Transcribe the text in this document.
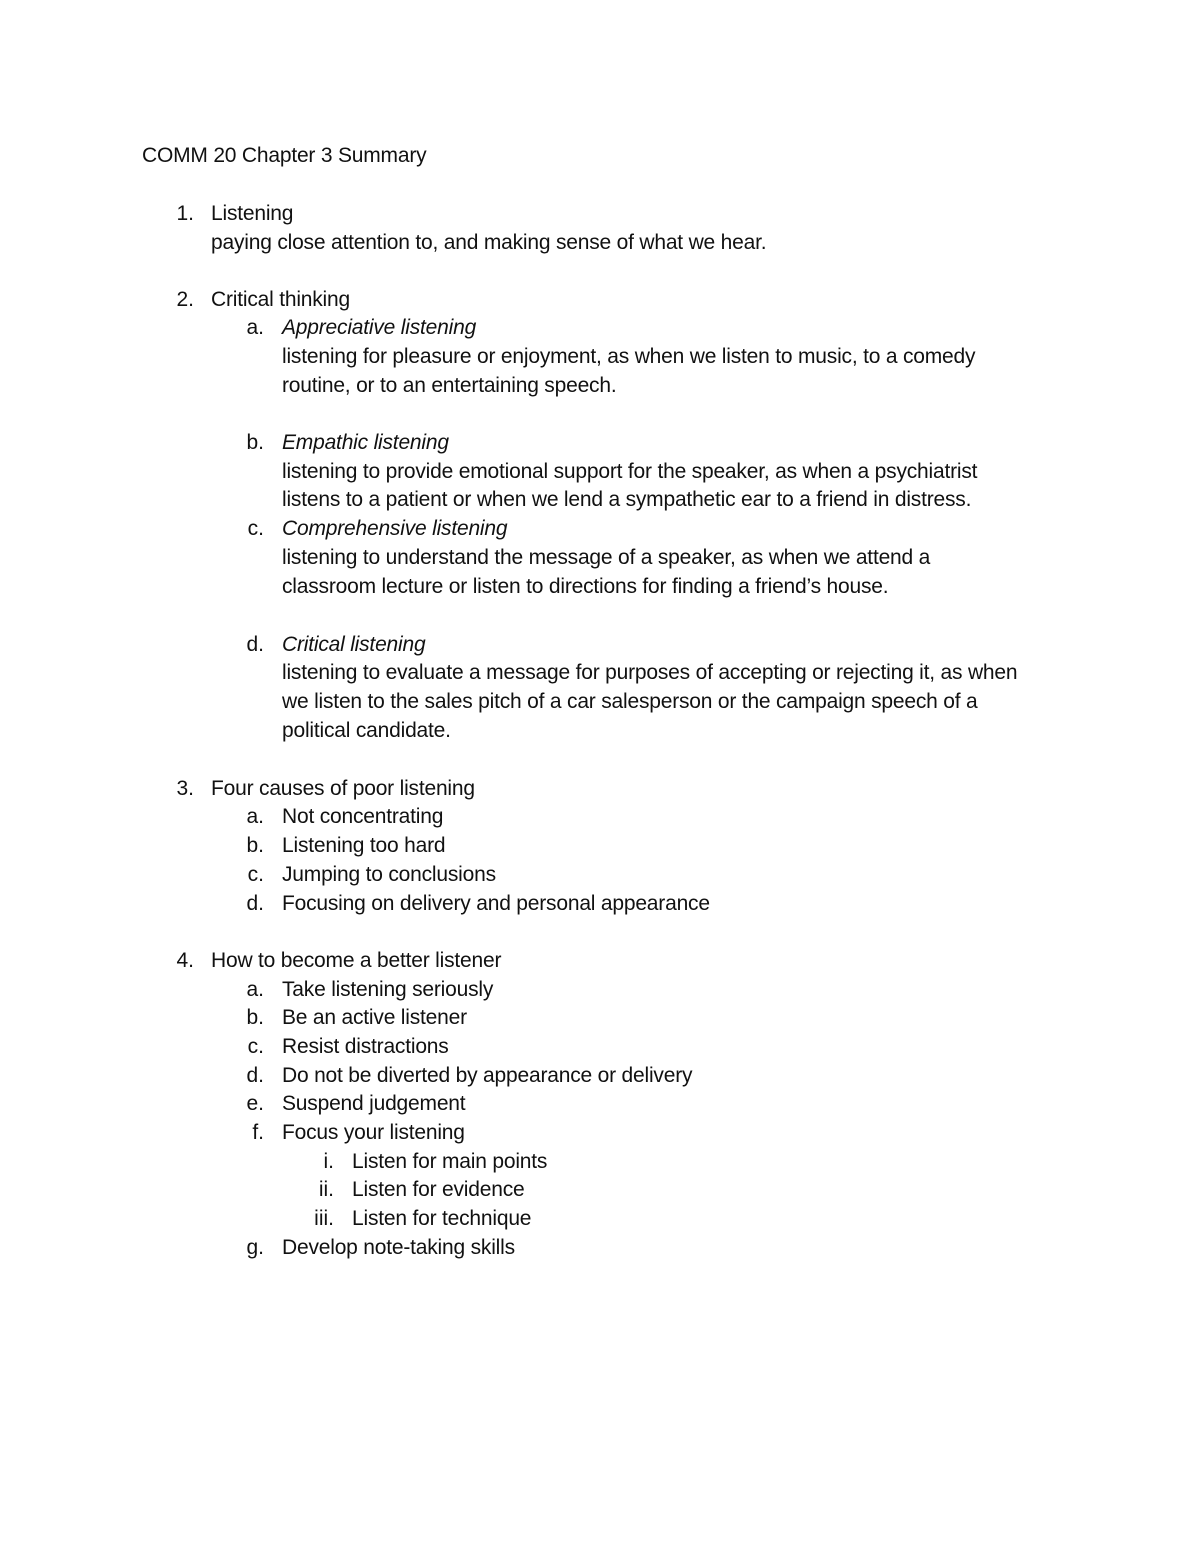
COMM 20 Chapter 3 Summary
1. Listening
paying close attention to, and making sense of what we hear.
2. Critical thinking
a. Appreciative listening
listening for pleasure or enjoyment, as when we listen to music, to a comedy
routine, or to an entertaining speech.
b. Empathic listening
listening to provide emotional support for the speaker, as when a psychiatrist
listens to a patient or when we lend a sympathetic ear to a friend in distress.
c. Comprehensive listening
listening to understand the message of a speaker, as when we attend a
classroom lecture or listen to directions for finding a friend’s house.
d. Critical listening
listening to evaluate a message for purposes of accepting or rejecting it, as when
we listen to the sales pitch of a car salesperson or the campaign speech of a
political candidate.
3. Four causes of poor listening
a. Not concentrating
b. Listening too hard
c. Jumping to conclusions
d. Focusing on delivery and personal appearance
4. How to become a better listener
a. Take listening seriously
b. Be an active listener
c. Resist distractions
d. Do not be diverted by appearance or delivery
e. Suspend judgement
f. Focus your listening
i. Listen for main points
ii. Listen for evidence
iii. Listen for technique
g. Develop note-taking skills
